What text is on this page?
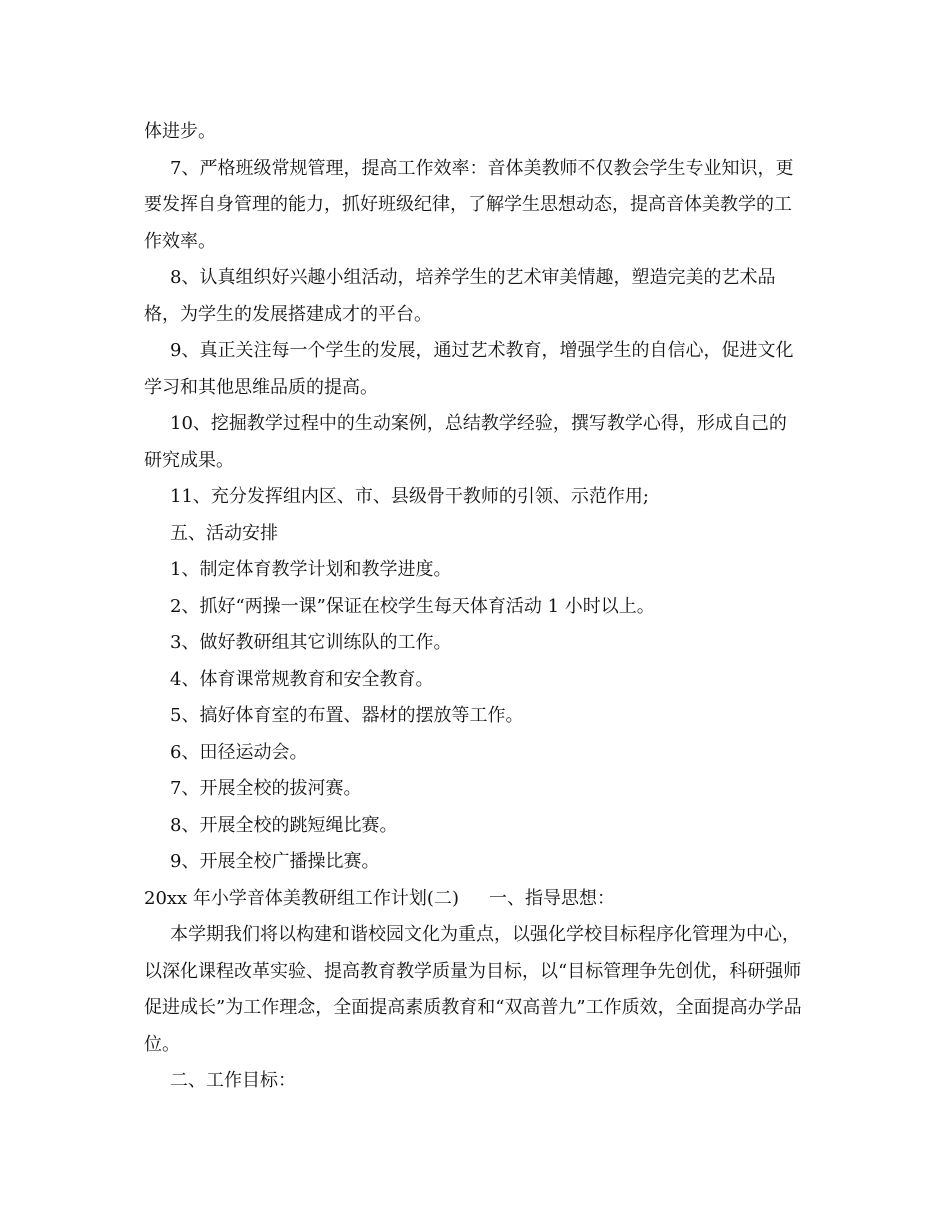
体进步。

7、严格班级常规管理，提高工作效率：音体美教师不仅教会学生专业知识，更要发挥自身管理的能力，抓好班级纪律，了解学生思想动态，提高音体美教学的工作效率。

8、认真组织好兴趣小组活动，培养学生的艺术审美情趣，塑造完美的艺术品格，为学生的发展搭建成才的平台。

9、真正关注每一个学生的发展，通过艺术教育，增强学生的自信心，促进文化学习和其他思维品质的提高。

10、挖掘教学过程中的生动案例，总结教学经验，撰写教学心得，形成自己的研究成果。

11、充分发挥组内区、市、县级骨干教师的引领、示范作用;

五、活动安排

1、制定体育教学计划和教学进度。

2、抓好“两操一课”保证在校学生每天体育活动 1 小时以上。

3、做好教研组其它训练队的工作。

4、体育课常规教育和安全教育。

5、搞好体育室的布置、器材的摆放等工作。

6、田径运动会。

7、开展全校的拔河赛。

8、开展全校的跳短绳比赛。

9、开展全校广播操比赛。

20xx 年小学音体美教研组工作计划(二) 一、指导思想：

本学期我们将以构建和谐校园文化为重点，以强化学校目标程序化管理为中心，以深化课程改革实验、提高教育教学质量为目标，以“目标管理争先创优，科研强师促进成长”为工作理念，全面提高素质教育和“双高普九”工作质效，全面提高办学品位。

二、工作目标：
